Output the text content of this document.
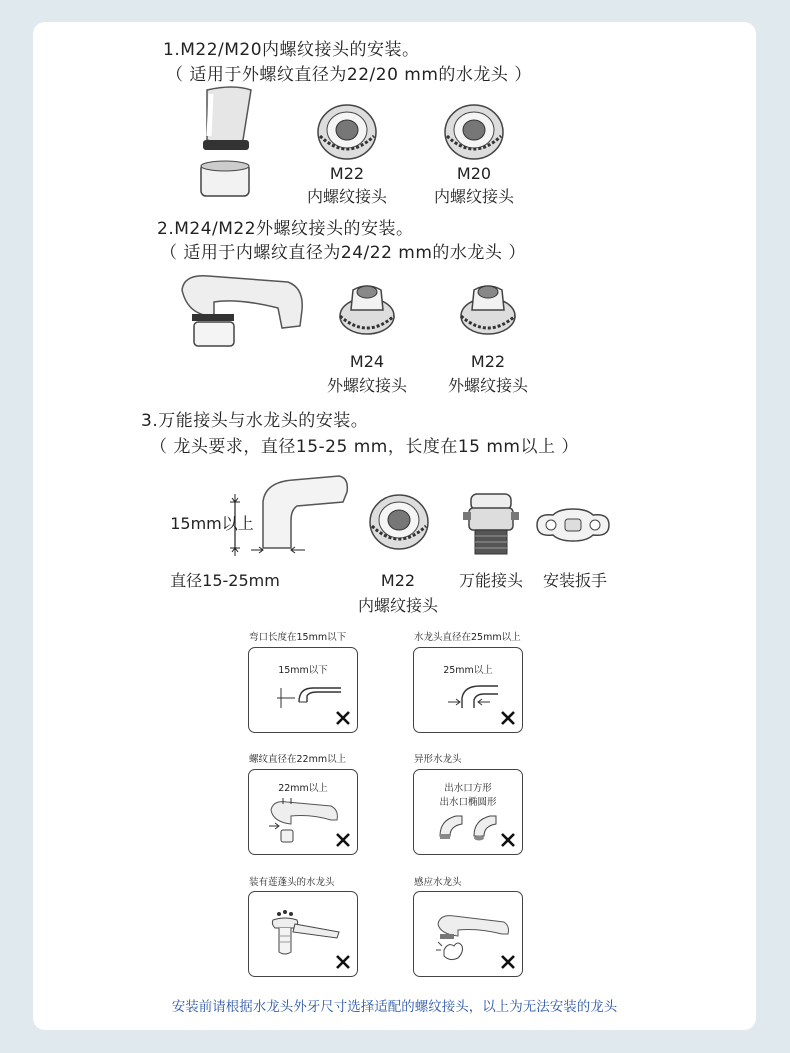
1.M22/M20内螺纹接头的安装。
（ 适用于外螺纹直径为22/20 mm的水龙头 ）
M22
内螺纹接头
M20
内螺纹接头
2.M24/M22外螺纹接头的安装。
（ 适用于内螺纹直径为24/22 mm的水龙头 ）
M24
外螺纹接头
M22
外螺纹接头
3.万能接头与水龙头的安装。
（ 龙头要求，直径15-25 mm，长度在15 mm以上 ）
15mm以上
直径15-25mm	M22
内螺纹接头
万能接头	安装扳手
弯口长度在15mm以下
15mm以下
水龙头直径在25mm以上
25mm以上
螺纹直径在22mm以上
22mm以上
异形水龙头
出水口方形
出水口椭圆形
装有莲蓬头的水龙头	感应水龙头
安装前请根据水龙头外牙尺寸选择适配的螺纹接头，以上为无法安装的龙头
